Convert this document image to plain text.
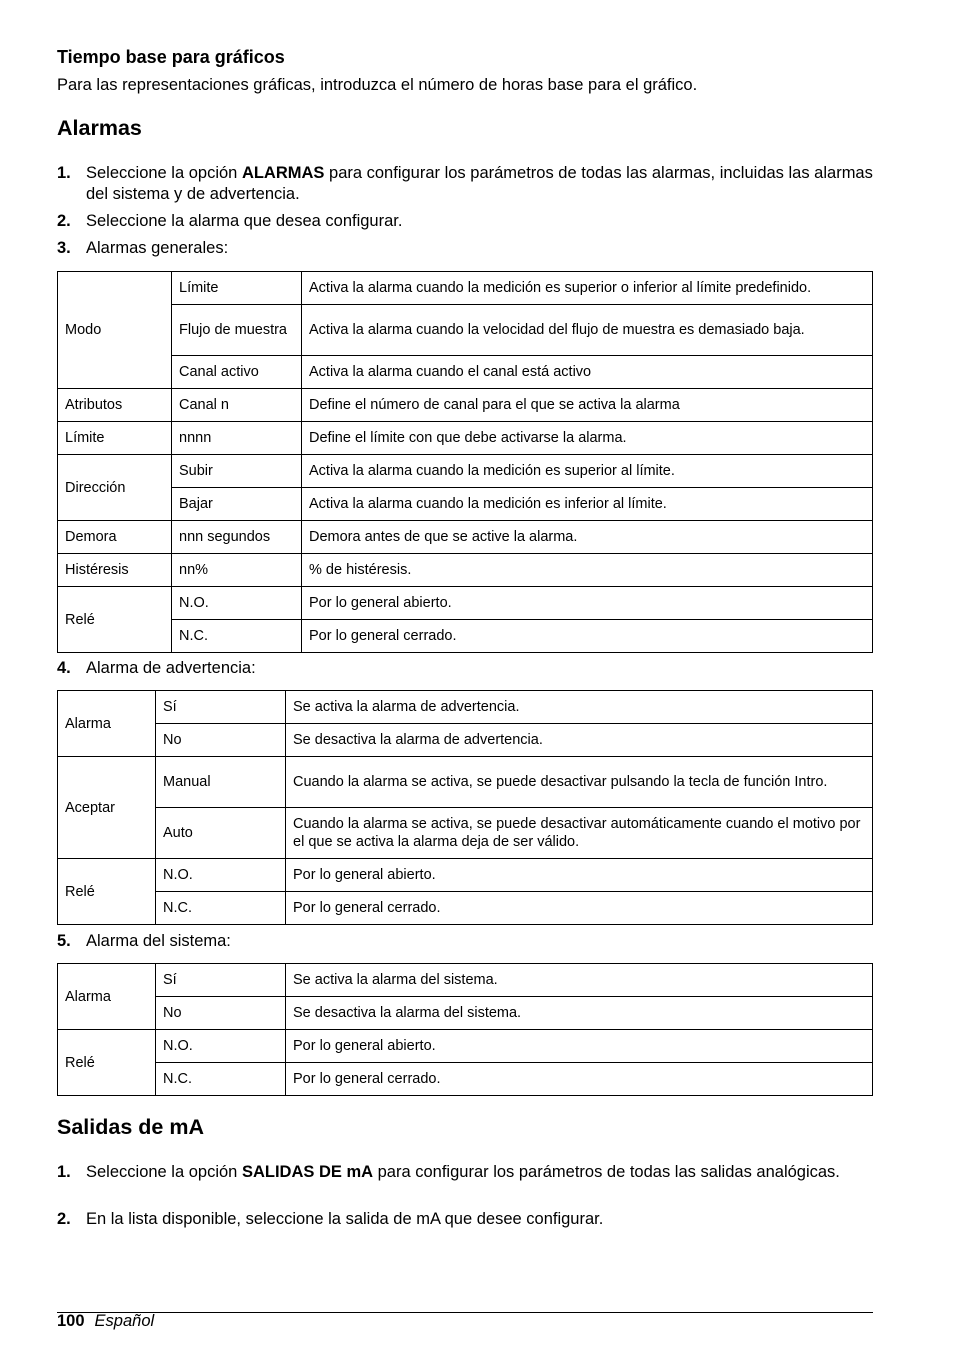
Tiempo base para gráficos
Para las representaciones gráficas, introduzca el número de horas base para el gráfico.
Alarmas
1. Seleccione la opción ALARMAS para configurar los parámetros de todas las alarmas, incluidas las alarmas del sistema y de advertencia.
2. Seleccione la alarma que desea configurar.
3. Alarmas generales:
Modo	Límite	Activa la alarma cuando la medición es superior o inferior al límite predefinido.
	Flujo de muestra	Activa la alarma cuando la velocidad del flujo de muestra es demasiado baja.
	Canal activo	Activa la alarma cuando el canal está activo
Atributos	Canal n	Define el número de canal para el que se activa la alarma
Límite	nnnn	Define el límite con que debe activarse la alarma.
Dirección	Subir	Activa la alarma cuando la medición es superior al límite.
	Bajar	Activa la alarma cuando la medición es inferior al límite.
Demora	nnn segundos	Demora antes de que se active la alarma.
Histéresis	nn%	% de histéresis.
Relé	N.O.	Por lo general abierto.
	N.C.	Por lo general cerrado.
4. Alarma de advertencia:
Alarma	Sí	Se activa la alarma de advertencia.
	No	Se desactiva la alarma de advertencia.
Aceptar	Manual	Cuando la alarma se activa, se puede desactivar pulsando la tecla de función Intro.
	Auto	Cuando la alarma se activa, se puede desactivar automáticamente cuando el motivo por el que se activa la alarma deja de ser válido.
Relé	N.O.	Por lo general abierto.
	N.C.	Por lo general cerrado.
5. Alarma del sistema:
Alarma	Sí	Se activa la alarma del sistema.
	No	Se desactiva la alarma del sistema.
Relé	N.O.	Por lo general abierto.
	N.C.	Por lo general cerrado.
Salidas de mA
1. Seleccione la opción SALIDAS DE mA para configurar los parámetros de todas las salidas analógicas.
2. En la lista disponible, seleccione la salida de mA que desee configurar.
100 Español
